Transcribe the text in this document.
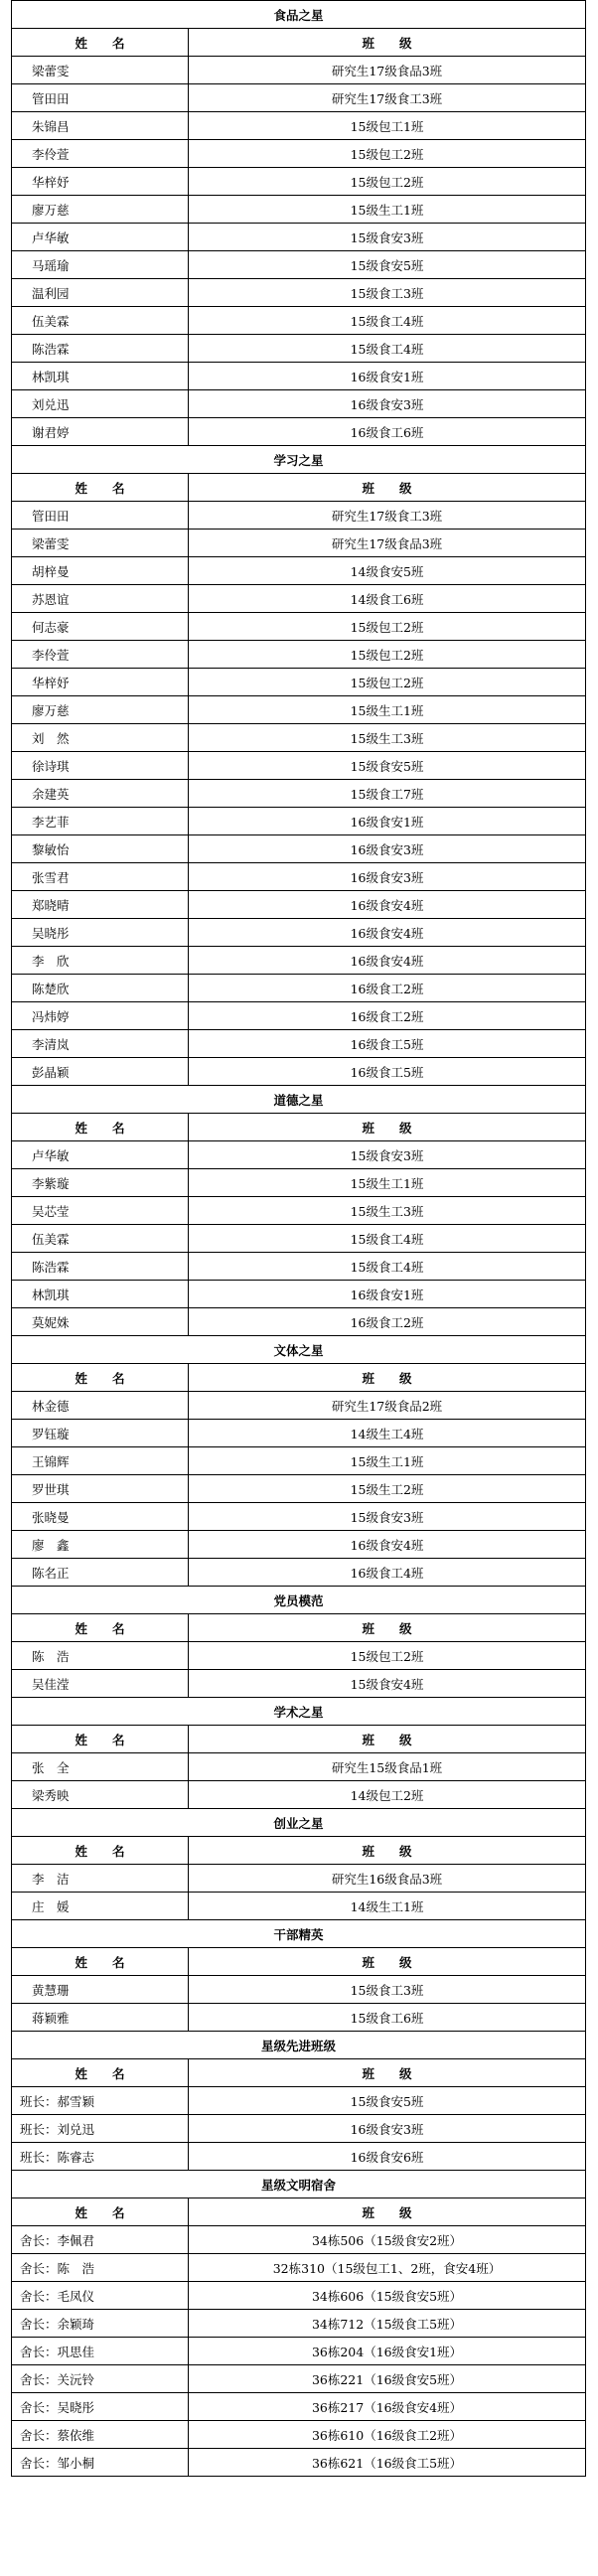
食品之星	
姓　　名	班　　级
梁蕾雯	研究生17级食品3班
管田田	研究生17级食工3班
朱锦昌	15级包工1班
李伶萱	15级包工2班
华梓妤	15级包工2班
廖万慈	15级生工1班
卢华敏	15级食安3班
马瑶瑜	15级食安5班
温利园	15级食工3班
伍美霖	15级食工4班
陈浩霖	15级食工4班
林凯琪	16级食安1班
刘兑迅	16级食安3班
谢君婷	16级食工6班
学习之星	
姓　　名	班　　级
管田田	研究生17级食工3班
梁蕾雯	研究生17级食品3班
胡梓曼	14级食安5班
苏恩谊	14级食工6班
何志豪	15级包工2班
李伶萱	15级包工2班
华梓妤	15级包工2班
廖万慈	15级生工1班
刘　然	15级生工3班
徐诗琪	15级食安5班
余建英	15级食工7班
李艺菲	16级食安1班
黎敏怡	16级食安3班
张雪君	16级食安3班
郑晓晴	16级食安4班
吴晓彤	16级食安4班
李　欣	16级食安4班
陈楚欣	16级食工2班
冯炜婷	16级食工2班
李清岚	16级食工5班
彭晶颖	16级食工5班
道德之星	
姓　　名	班　　级
卢华敏	15级食安3班
李紫璇	15级生工1班
吴芯莹	15级生工3班
伍美霖	15级食工4班
陈浩霖	15级食工4班
林凯琪	16级食安1班
莫妮姝	16级食工2班
文体之星	
姓　　名	班　　级
林金德	研究生17级食品2班
罗钰璇	14级生工4班
王锦辉	15级生工1班
罗世琪	15级生工2班
张晓曼	15级食安3班
廖　鑫	16级食安4班
陈名正	16级食工4班
党员模范	
姓　　名	班　　级
陈　浩	15级包工2班
吴佳滢	15级食安4班
学术之星	
姓　　名	班　　级
张　全	研究生15级食品1班
梁秀映	14级包工2班
创业之星	
姓　　名	班　　级
李　洁	研究生16级食品3班
庄　媛	14级生工1班
干部精英	
姓　　名	班　　级
黄慧珊	15级食工3班
蒋颖雅	15级食工6班
星级先进班级	
姓　　名	班　　级
班长：郝雪颖	15级食安5班
班长：刘兑迅	16级食安3班
班长：陈睿志	16级食安6班
星级文明宿舍	
姓　　名	班　　级
舍长：李佩君	34栋506（15级食安2班）
舍长：陈　浩	32栋310（15级包工1、2班，食安4班）
舍长：毛凤仪	34栋606（15级食安5班）
舍长：余颖琦	34栋712（15级食工5班）
舍长：巩思佳	36栋204（16级食安1班）
舍长：关沅铃	36栋221（16级食安5班）
舍长：吴晓彤	36栋217（16级食安4班）
舍长：蔡依维	36栋610（16级食工2班）
舍长：邹小桐	36栋621（16级食工5班）
